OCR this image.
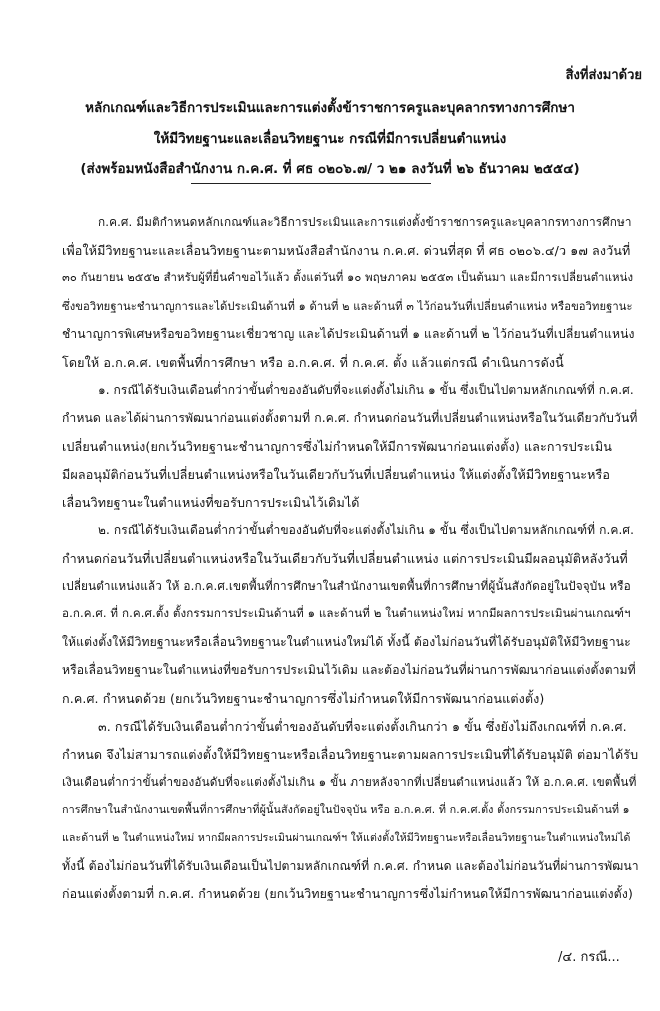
สิ่งที่ส่งมาด้วย
หลักเกณฑ์และวิธีการประเมินและการแต่งตั้งข้าราชการครูและบุคลากรทางการศึกษา
ให้มีวิทยฐานะและเลื่อนวิทยฐานะ กรณีที่มีการเปลี่ยนตำแหน่ง
(ส่งพร้อมหนังสือสำนักงาน ก.ค.ศ. ที่ ศธ ๐๒๐๖.๗/ ว ๒๑ ลงวันที่ ๒๖ ธันวาคม ๒๕๕๔)
ก.ค.ศ. มีมติกำหนดหลักเกณฑ์และวิธีการประเมินและการแต่งตั้งข้าราชการครูและบุคลากรทางการศึกษา
เพื่อให้มีวิทยฐานะและเลื่อนวิทยฐานะตามหนังสือสำนักงาน ก.ค.ศ. ด่วนที่สุด ที่ ศธ ๐๒๐๖.๔/ว ๑๗ ลงวันที่
๓๐ กันยายน ๒๕๕๒ สำหรับผู้ที่ยื่นคำขอไว้แล้ว ตั้งแต่วันที่ ๑๐ พฤษภาคม ๒๕๕๓ เป็นต้นมา และมีการเปลี่ยนตำแหน่ง
ซึ่งขอวิทยฐานะชำนาญการและได้ประเมินด้านที่ ๑ ด้านที่ ๒ และด้านที่ ๓ ไว้ก่อนวันที่เปลี่ยนตำแหน่ง หรือขอวิทยฐานะ
ชำนาญการพิเศษหรือขอวิทยฐานะเชี่ยวชาญ และได้ประเมินด้านที่ ๑ และด้านที่ ๒ ไว้ก่อนวันที่เปลี่ยนตำแหน่ง
โดยให้ อ.ก.ค.ศ. เขตพื้นที่การศึกษา หรือ อ.ก.ค.ศ. ที่ ก.ค.ศ. ตั้ง แล้วแต่กรณี ดำเนินการดังนี้
๑. กรณีได้รับเงินเดือนต่ำกว่าขั้นต่ำของอันดับที่จะแต่งตั้งไม่เกิน ๑ ขั้น ซึ่งเป็นไปตามหลักเกณฑ์ที่ ก.ค.ศ.
กำหนด และได้ผ่านการพัฒนาก่อนแต่งตั้งตามที่ ก.ค.ศ. กำหนดก่อนวันที่เปลี่ยนตำแหน่งหรือในวันเดียวกับวันที่
เปลี่ยนตำแหน่ง(ยกเว้นวิทยฐานะชำนาญการซึ่งไม่กำหนดให้มีการพัฒนาก่อนแต่งตั้ง) และการประเมิน
มีผลอนุมัติก่อนวันที่เปลี่ยนตำแหน่งหรือในวันเดียวกับวันที่เปลี่ยนตำแหน่ง ให้แต่งตั้งให้มีวิทยฐานะหรือ
เลื่อนวิทยฐานะในตำแหน่งที่ขอรับการประเมินไว้เดิมได้
๒. กรณีได้รับเงินเดือนต่ำกว่าขั้นต่ำของอันดับที่จะแต่งตั้งไม่เกิน ๑ ขั้น ซึ่งเป็นไปตามหลักเกณฑ์ที่ ก.ค.ศ.
กำหนดก่อนวันที่เปลี่ยนตำแหน่งหรือในวันเดียวกับวันที่เปลี่ยนตำแหน่ง แต่การประเมินมีผลอนุมัติหลังวันที่
เปลี่ยนตำแหน่งแล้ว ให้ อ.ก.ค.ศ.เขตพื้นที่การศึกษาในสำนักงานเขตพื้นที่การศึกษาที่ผู้นั้นสังกัดอยู่ในปัจจุบัน หรือ
อ.ก.ค.ศ. ที่ ก.ค.ศ.ตั้ง ตั้งกรรมการประเมินด้านที่ ๑ และด้านที่ ๒ ในตำแหน่งใหม่ หากมีผลการประเมินผ่านเกณฑ์ฯ
ให้แต่งตั้งให้มีวิทยฐานะหรือเลื่อนวิทยฐานะในตำแหน่งใหม่ได้ ทั้งนี้ ต้องไม่ก่อนวันที่ได้รับอนุมัติให้มีวิทยฐานะ
หรือเลื่อนวิทยฐานะในตำแหน่งที่ขอรับการประเมินไว้เดิม และต้องไม่ก่อนวันที่ผ่านการพัฒนาก่อนแต่งตั้งตามที่
ก.ค.ศ. กำหนดด้วย (ยกเว้นวิทยฐานะชำนาญการซึ่งไม่กำหนดให้มีการพัฒนาก่อนแต่งตั้ง)
๓. กรณีได้รับเงินเดือนต่ำกว่าขั้นต่ำของอันดับที่จะแต่งตั้งเกินกว่า ๑ ขั้น ซึ่งยังไม่ถึงเกณฑ์ที่ ก.ค.ศ.
กำหนด จึงไม่สามารถแต่งตั้งให้มีวิทยฐานะหรือเลื่อนวิทยฐานะตามผลการประเมินที่ได้รับอนุมัติ ต่อมาได้รับ
เงินเดือนต่ำกว่าขั้นต่ำของอันดับที่จะแต่งตั้งไม่เกิน ๑ ขั้น ภายหลังจากที่เปลี่ยนตำแหน่งแล้ว ให้ อ.ก.ค.ศ. เขตพื้นที่
การศึกษาในสำนักงานเขตพื้นที่การศึกษาที่ผู้นั้นสังกัดอยู่ในปัจจุบัน หรือ อ.ก.ค.ศ. ที่ ก.ค.ศ.ตั้ง ตั้งกรรมการประเมินด้านที่ ๑
และด้านที่ ๒ ในตำแหน่งใหม่ หากมีผลการประเมินผ่านเกณฑ์ฯ ให้แต่งตั้งให้มีวิทยฐานะหรือเลื่อนวิทยฐานะในตำแหน่งใหม่ได้
ทั้งนี้ ต้องไม่ก่อนวันที่ได้รับเงินเดือนเป็นไปตามหลักเกณฑ์ที่ ก.ค.ศ. กำหนด และต้องไม่ก่อนวันที่ผ่านการพัฒนา
ก่อนแต่งตั้งตามที่ ก.ค.ศ. กำหนดด้วย (ยกเว้นวิทยฐานะชำนาญการซึ่งไม่กำหนดให้มีการพัฒนาก่อนแต่งตั้ง)
/๔. กรณี...
